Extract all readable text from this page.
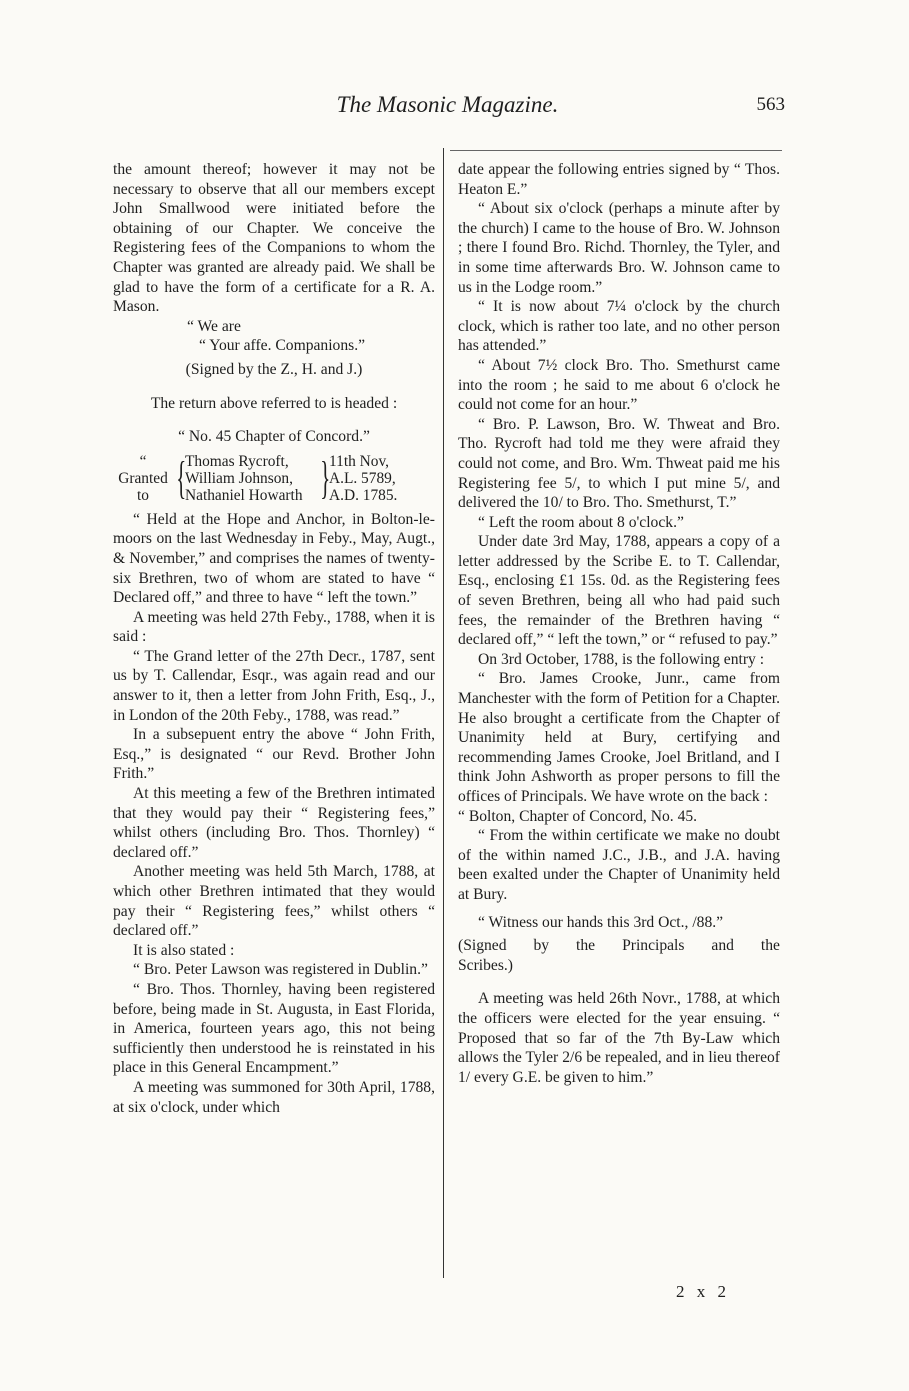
The Masonic Magazine.	563

the amount thereof; however it may not be necessary to observe that all our members except John Smallwood were initiated before the obtaining of our Chapter. We conceive the Registering fees of the Companions to whom the Chapter was granted are already paid. We shall be glad to have the form of a certificate for a R. A. Mason.

“ We are

“ Your affe. Companions.”

(Signed by the Z., H. and J.)

The return above referred to is headed :

“ No. 45 Chapter of Concord.”

“ Granted
to {
Thomas Rycroft,
William Johnson,
Nathaniel Howarth }
11th Nov,
A.L. 5789,
A.D. 1785.

“ Held at the Hope and Anchor, in Bolton-le-moors on the last Wednesday in Feby., May, Augt., & November,” and comprises the names of twenty-six Brethren, two of whom are stated to have “ Declared off,” and three to have “ left the town.”

A meeting was held 27th Feby., 1788, when it is said :

“ The Grand letter of the 27th Decr., 1787, sent us by T. Callendar, Esqr., was again read and our answer to it, then a letter from John Frith, Esq., J., in London of the 20th Feby., 1788, was read.”

In a subsepuent entry the above “ John Frith, Esq.,” is designated “ our Revd. Brother John Frith.”

At this meeting a few of the Brethren intimated that they would pay their “ Registering fees,” whilst others (including Bro. Thos. Thornley) “ declared off.”

Another meeting was held 5th March, 1788, at which other Brethren intimated that they would pay their “ Registering fees,” whilst others “ declared off.”

It is also stated :

“ Bro. Peter Lawson was registered in Dublin.”

“ Bro. Thos. Thornley, having been registered before, being made in St. Augusta, in East Florida, in America, fourteen years ago, this not being sufficiently then understood he is reinstated in his place in this General Encampment.”

A meeting was summoned for 30th April, 1788, at six o'clock, under which

date appear the following entries signed by “ Thos. Heaton E.”

“ About six o'clock (perhaps a minute after by the church) I came to the house of Bro. W. Johnson ; there I found Bro. Richd. Thornley, the Tyler, and in some time afterwards Bro. W. Johnson came to us in the Lodge room.”

“ It is now about 7¼ o'clock by the church clock, which is rather too late, and no other person has attended.”

“ About 7½ clock Bro. Tho. Smethurst came into the room ; he said to me about 6 o'clock he could not come for an hour.”

“ Bro. P. Lawson, Bro. W. Thweat and Bro. Tho. Rycroft had told me they were afraid they could not come, and Bro. Wm. Thweat paid me his Registering fee 5/, to which I put mine 5/, and delivered the 10/ to Bro. Tho. Smethurst, T.”

“ Left the room about 8 o'clock.”

Under date 3rd May, 1788, appears a copy of a letter addressed by the Scribe E. to T. Callendar, Esq., enclosing £1 15s. 0d. as the Registering fees of seven Brethren, being all who had paid such fees, the remainder of the Brethren having “ declared off,” “ left the town,” or “ refused to pay.”

On 3rd October, 1788, is the following entry :

“ Bro. James Crooke, Junr., came from Manchester with the form of Petition for a Chapter. He also brought a certificate from the Chapter of Unanimity held at Bury, certifying and recommending James Crooke, Joel Britland, and I think John Ashworth as proper persons to fill the offices of Principals. We have wrote on the back :

“ Bolton, Chapter of Concord, No. 45.

“ From the within certificate we make no doubt of the within named J.C., J.B., and J.A. having been exalted under the Chapter of Unanimity held at Bury.

“ Witness our hands this 3rd Oct., /88.”

(Signed by the Principals and the

Scribes.)

A meeting was held 26th Novr., 1788, at which the officers were elected for the year ensuing. “ Proposed that so far of the 7th By-Law which allows the Tyler 2/6 be repealed, and in lieu thereof 1/ every G.E. be given to him.”

2 x 2
